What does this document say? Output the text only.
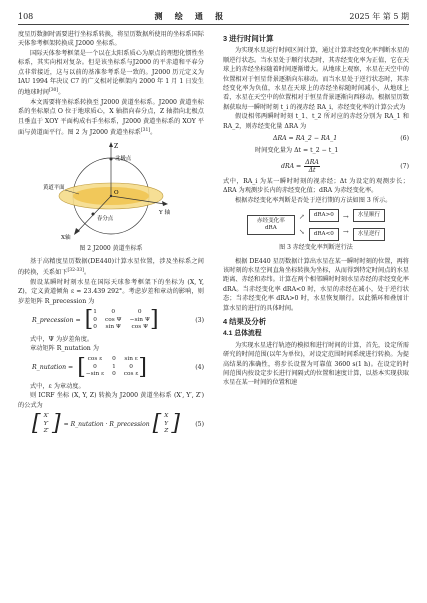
108	测 绘 通 报	2025 年 第 5 期

度星历数据时需要进行坐标系转换，将星历数据所使用的坐标系国际天体参考框架转换成 J2000 坐标系。

国际天体参考框架是一个以在太阳系质心为原点的理想化惯性坐标系，其实向相对复杂。但是该坐标系与J2000 的平赤道和平春分点非常接近，这与以前的基准参考系是一致的。J2000 历元定义为 IAU 1994 年决议 C7 的广义相对论框架内 2000 年 1 月 1 日发生的地球时间[30]。

本文需要将坐标系转换至 J2000 黄道坐标系。J2000 黄道坐标系的坐标原点 O 位于地球质心，X 轴指向春分点，Z 轴指向北极点且垂直于 XOY 平面构成右手坐标系，J2000 黄道坐标系的 XOY 平面与黄道面平行。图 2 为 J2000 黄道坐标系[31]。

Z
北极点
黄道平面
O
春分点
X轴
Y 轴
图 2 J2000 黄道坐标系

基于高精度星历数据(DE440)计算水星位置，涉及坐标系之间的转换，关系如下[32-33]。

假设某瞬时时刻水星在国际天球参考框架下的坐标为 (X, Y, Z)，定义黄道倾角 ε ≈ 23.439 292°。考虑岁差和章动的影响，则岁差矩阵 R_precession 为

R_precession = [ 1	0	0
0 cos Ψ −sin Ψ
0 sin Ψ	cos Ψ ]	(3)

式中，Ψ 为岁差角度。

章动矩阵 R_nutation 为

R_nutation = [ cos ε	0 sin ε
0	1	0
−sin ε 0 cos ε ]	(4)

式中，ε 为章动度。

则 ICRF 坐标 (X, Y, Z) 转换为 J2000 黄道坐标系 (X′, Y′, Z′) 的公式为

[ X′
Y′
Z′ ] = R_nutation · R_precession [ X
Y
Z ] (5)
3 进行时间计算

为实现水星运行时间区间计算，通过计算赤经变化率判断水星的顺逆行状态。当水星处于顺行状态时，其赤经变化率为正值，它在天球上的赤经坐标随着时间逐渐增大。从地球上观察，水星在天空中的位置相对于恒星背景逐渐向东移动。而当水星处于逆行状态时，其赤经变化率为负值，水星在天球上的赤经坐标随时间减小，从地球上看，水星在天空中的位置相对于恒星背景逐渐向西移动。根据星历数据获取每一瞬时时刻 t_i 的视赤经 RA_i，赤经变化率的计算公式为

假设相邻两瞬时时刻 t_1、t_2 所对应的赤经分别为 RA_1 和 RA_2，则赤经变化量 ΔRA 为

ΔRA = RA_2 − RA_1	(6)

时间变化量为 Δt = t_2 − t_1

dRA =
ΔRA
Δt
(7)

式中，RA_i 为某一瞬时时刻的视赤经；Δt 为设定的观测步长；ΔRA 为观测步长内的赤经变化值；dRA 为赤经变化率。

根据赤经变化率判断是否处于逆行期的方法如图 3 所示。

赤经变化率 dRA
↗
↘
dRA>0
dRA<0
→
→
水星顺行
水星逆行
图 3 赤经变化率判断逆行法

根据 DE440 星历数据计算出水星在某一瞬时时刻的位置，再将该时刻的水星空间直角坐标转换为坐标，从而得到特定时间点的水星距离、赤经和赤纬。计算在两个相邻瞬时时刻水星赤经的赤经变化率 dRA。当赤经变化率 dRA<0 时，水星的赤经在减小，处于逆行状态；当赤经变化率 dRA>0 时，水星恢复顺行。以此循环和叠加计算水星的进行的具体时间。

4 结果及分析
4.1 总体流程

为实现水星进行轨迹的模拟和进行时间的计算，首先，设定所需研究的时间范围(以年为单位)，对设定范围时间系统进行转换。为提高结果的准确性，将步长设置为可靠值 3600 s(1 h)。在设定的时间范围内按设定步长进行间隔式的位置和速度计算，以基本实现获取水星在某一时间的位置和速
